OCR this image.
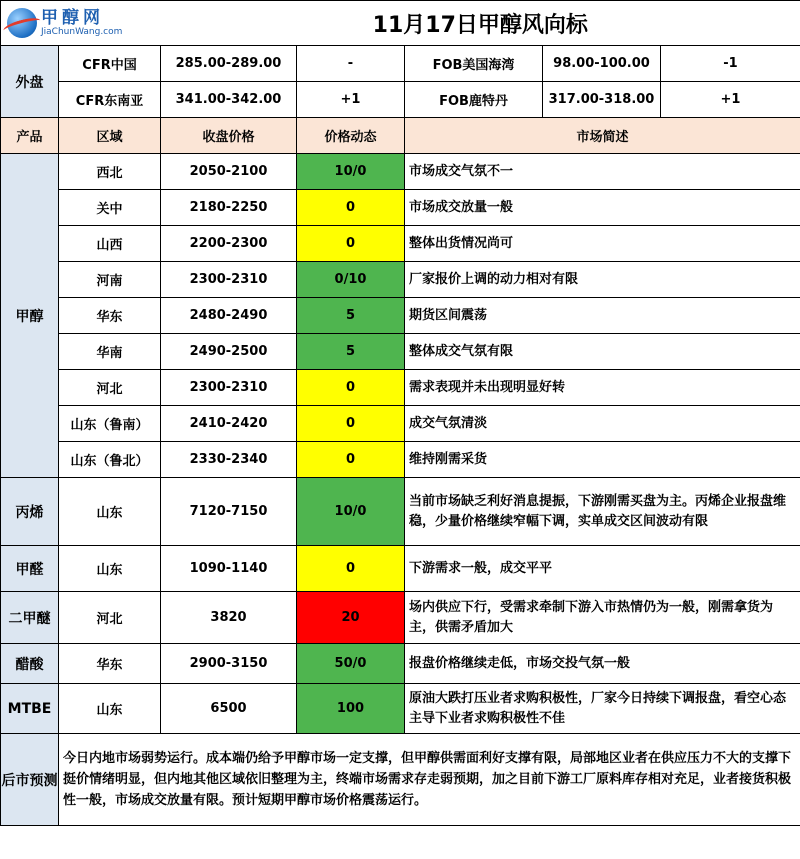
甲醇网
JiaChunWang.com		11月17日甲醇风向标				
外盘	CFR中国	285.00-289.00	-	FOB美国海湾	98.00-100.00	-1
	CFR东南亚	341.00-342.00	+1	FOB鹿特丹	317.00-318.00	+1
产品	区域	收盘价格	价格动态	市场简述		
甲醇	西北	2050-2100	10/0	市场成交气氛不一		
	关中	2180-2250	0	市场成交放量一般		
	山西	2200-2300	0	整体出货情况尚可		
	河南	2300-2310	0/10	厂家报价上调的动力相对有限		
	华东	2480-2490	5	期货区间震荡		
	华南	2490-2500	5	整体成交气氛有限		
	河北	2300-2310	0	需求表现并未出现明显好转		
	山东（鲁南）	2410-2420	0	成交气氛清淡		
	山东（鲁北）	2330-2340	0	维持刚需采货		
丙烯	山东	7120-7150	10/0	当前市场缺乏利好消息提振，下游刚需买盘为主。丙烯企业报盘维稳，少量价格继续窄幅下调，实单成交区间波动有限		
甲醛	山东	1090-1140	0	下游需求一般，成交平平		
二甲醚	河北	3820	20	场内供应下行，受需求牵制下游入市热情仍为一般，刚需拿货为主，供需矛盾加大		
醋酸	华东	2900-3150	50/0	报盘价格继续走低，市场交投气氛一般		
MTBE	山东	6500	100	原油大跌打压业者求购积极性，厂家今日持续下调报盘，看空心态主导下业者求购积极性不佳		
后市预测	今日内地市场弱势运行。成本端仍给予甲醇市场一定支撑，但甲醇供需面利好支撑有限，局部地区业者在供应压力不大的支撑下挺价情绪明显，但内地其他区域依旧整理为主，终端市场需求存走弱预期，加之目前下游工厂原料库存相对充足，业者接货积极性一般，市场成交放量有限。预计短期甲醇市场价格震荡运行。					
